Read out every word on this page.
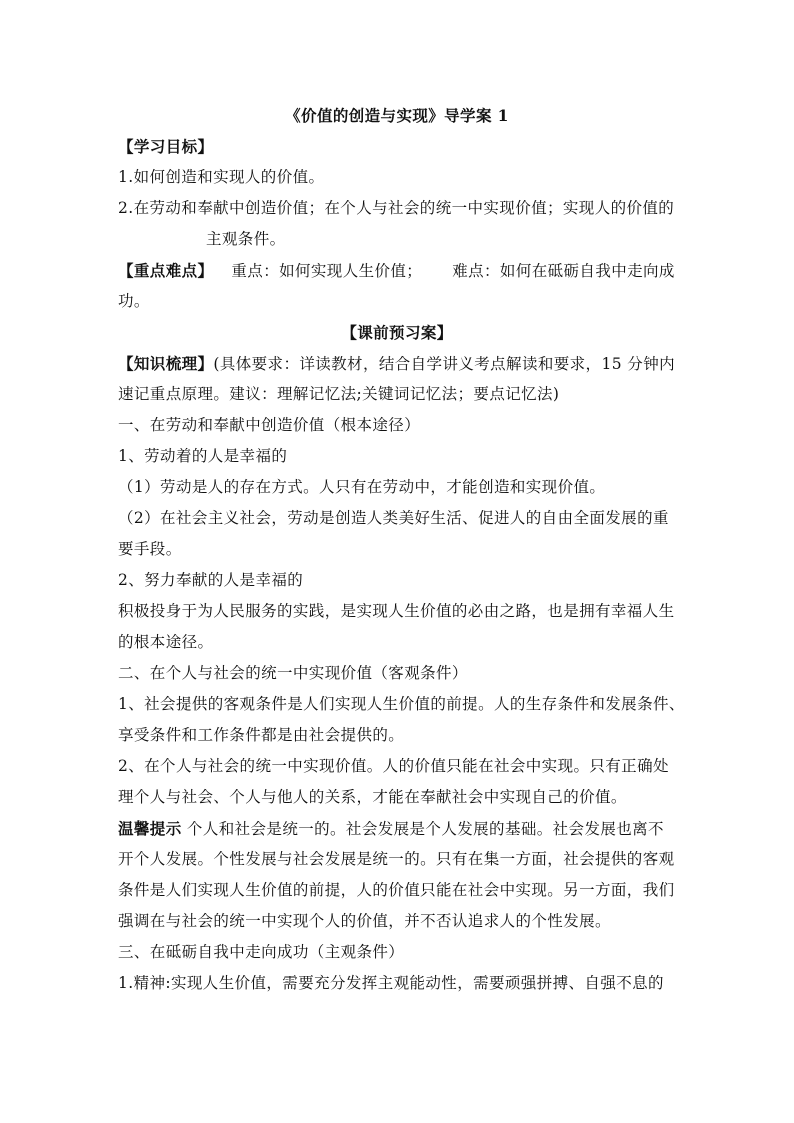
《价值的创造与实现》导学案 1
【学习目标】
1.如何创造和实现人的价值。
2.在劳动和奉献中创造价值；在个人与社会的统一中实现价值；实现人的价值的
主观条件。
【重点难点】 重点：如何实现人生价值； 难点：如何在砥砺自我中走向成
功。
【课前预习案】
【知识梳理】(具体要求：详读教材，结合自学讲义考点解读和要求，15 分钟内
速记重点原理。建议：理解记忆法;关键词记忆法；要点记忆法)
一、在劳动和奉献中创造价值（根本途径）
1、劳动着的人是幸福的
（1）劳动是人的存在方式。人只有在劳动中，才能创造和实现价值。
（2）在社会主义社会，劳动是创造人类美好生活、促进人的自由全面发展的重
要手段。
2、努力奉献的人是幸福的
积极投身于为人民服务的实践，是实现人生价值的必由之路，也是拥有幸福人生
的根本途径。
二、在个人与社会的统一中实现价值（客观条件）
1、社会提供的客观条件是人们实现人生价值的前提。人的生存条件和发展条件、
享受条件和工作条件都是由社会提供的。
2、在个人与社会的统一中实现价值。人的价值只能在社会中实现。只有正确处
理个人与社会、个人与他人的关系，才能在奉献社会中实现自己的价值。
温馨提示 个人和社会是统一的。社会发展是个人发展的基础。社会发展也离不
开个人发展。个性发展与社会发展是统一的。只有在集一方面，社会提供的客观
条件是人们实现人生价值的前提，人的价值只能在社会中实现。另一方面，我们
强调在与社会的统一中实现个人的价值，并不否认追求人的个性发展。
三、在砥砺自我中走向成功（主观条件）
1.精神:实现人生价值，需要充分发挥主观能动性，需要顽强拼搏、自强不息的
